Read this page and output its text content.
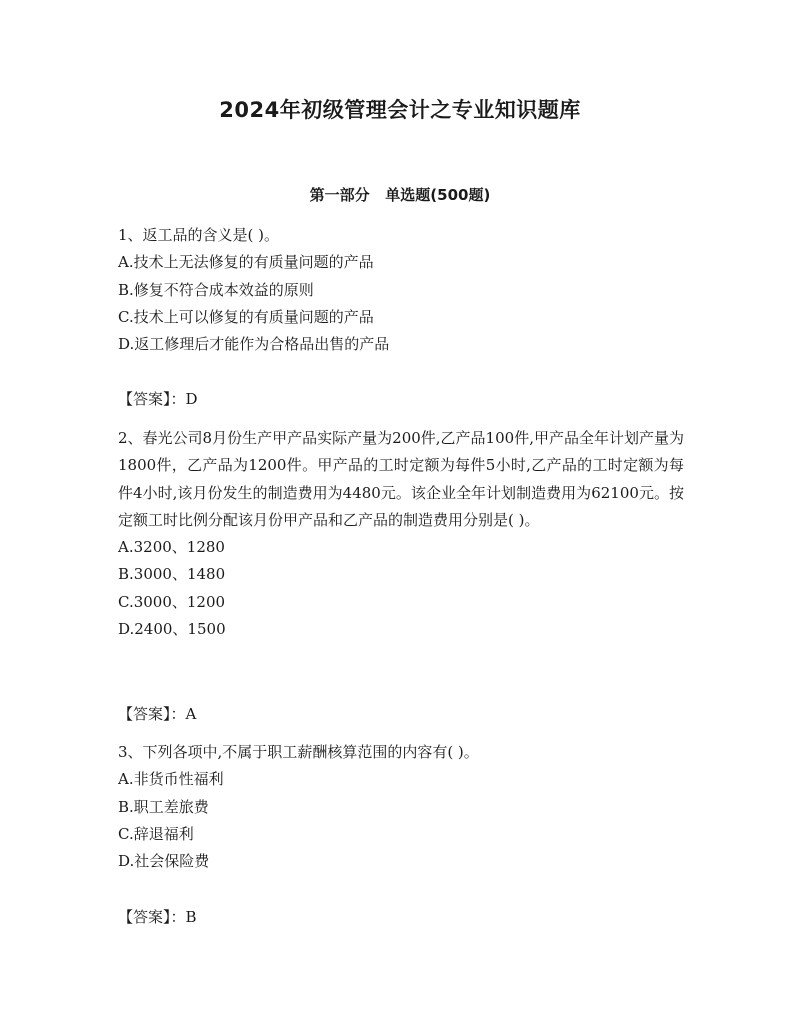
2024年初级管理会计之专业知识题库
第一部分   单选题(500题)
1、返工品的含义是( )。
A.技术上无法修复的有质量问题的产品
B.修复不符合成本效益的原则
C.技术上可以修复的有质量问题的产品
D.返工修理后才能作为合格品出售的产品
【答案】：D
2、春光公司8月份生产甲产品实际产量为200件,乙产品100件,甲产品全年计划产量为1800件，乙产品为1200件。甲产品的工时定额为每件5小时,乙产品的工时定额为每件4小时,该月份发生的制造费用为4480元。该企业全年计划制造费用为62100元。按定额工时比例分配该月份甲产品和乙产品的制造费用分别是( )。
A.3200、1280
B.3000、1480
C.3000、1200
D.2400、1500
【答案】：A
3、下列各项中,不属于职工薪酬核算范围的内容有( )。
A.非货币性福利
B.职工差旅费
C.辞退福利
D.社会保险费
【答案】：B
